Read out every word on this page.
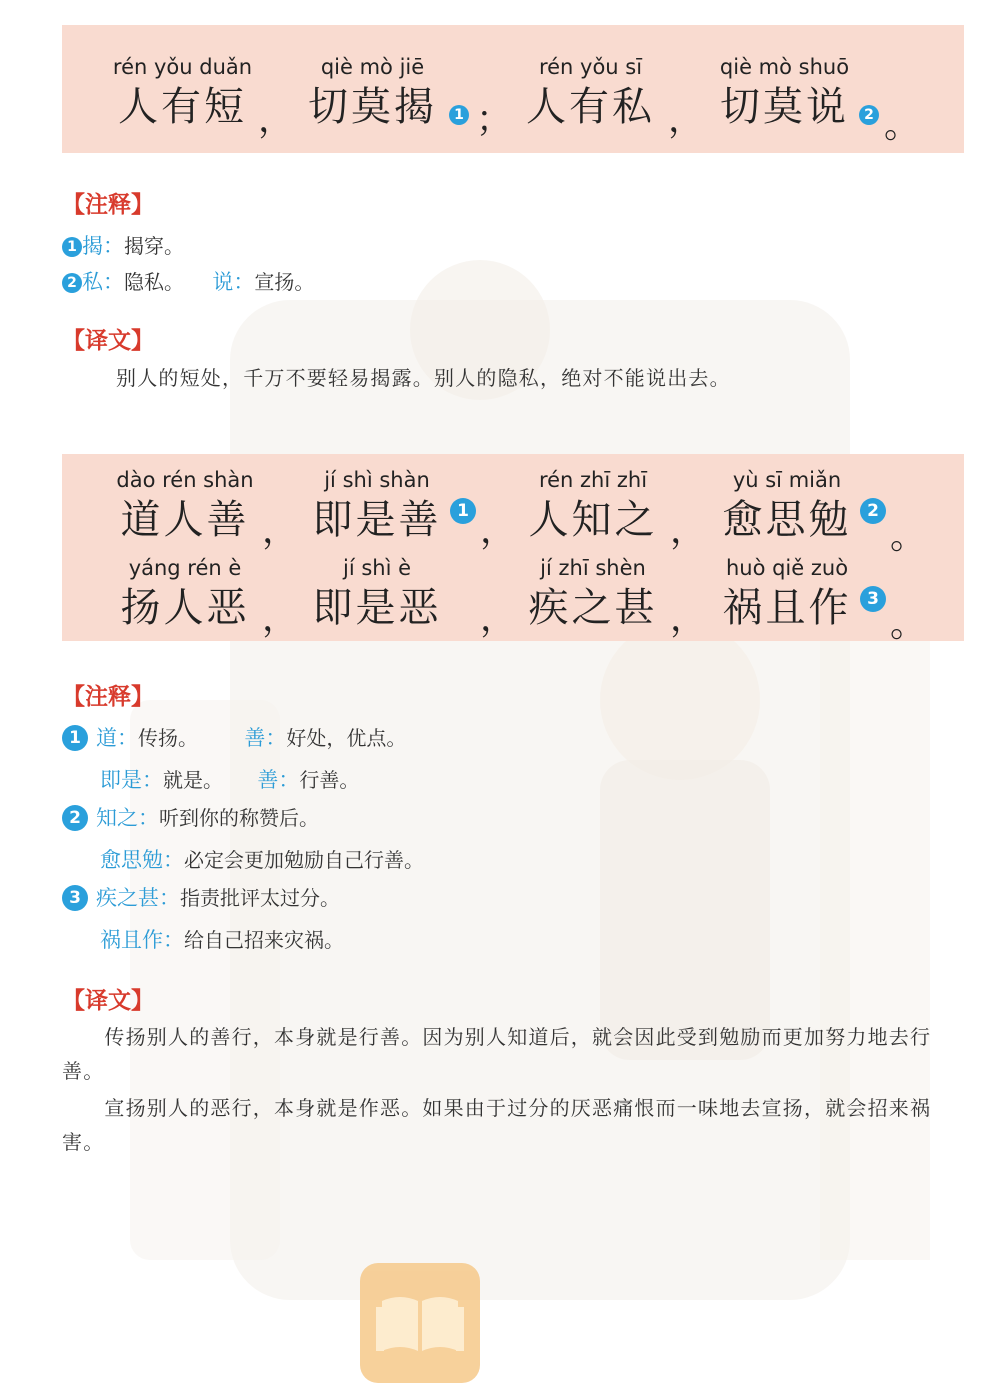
rén yǒu duǎn
人有短 ，
qiè mò jiē
切莫揭	1 ；
rén yǒu sī
人有私 ，
qiè mò shuō
切莫说	2 。
【注释】
1 揭：揭穿。
2 私：隐私。 说：宣扬。
【译文】
别人的短处，千万不要轻易揭露。别人的隐私，绝对不能说出去。
dào rén shàn
道人善 ，
jí shì shàn
即是善 1 ，
rén zhī zhī
人知之 ，
yù sī miǎn
愈思勉 2
。
yáng rén è
扬人恶 ，
jí shì è
即是恶 ，
jí zhī shèn
疾之甚 ，
huò qiě zuò
祸且作 3
。
【注释】
1 道：传扬。 善：好处，优点。
即是：就是。 善：行善。
2 知之：听到你的称赞后。
愈思勉：必定会更加勉励自己行善。
3 疾之甚：指责批评太过分。
祸且作：给自己招来灾祸。
【译文】
　　传扬别人的善行，本身就是行善。因为别人知道后，就会因此受到勉励而更加努力地去行善。
　　宣扬别人的恶行，本身就是作恶。如果由于过分的厌恶痛恨而一味地去宣扬，就会招来祸害。
